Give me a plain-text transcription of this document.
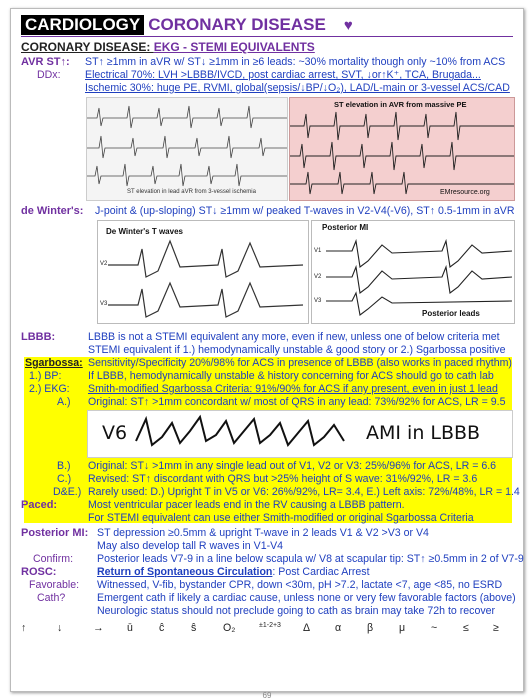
CARDIOLOGY CORONARY DISEASE ♥
CORONARY DISEASE: EKG - STEMI EQUIVALENTS
AVR ST↑: ST↑ ≥1mm in aVR w/ ST↓ ≥1mm in ≥6 leads: ~30% mortality though only ~10% from ACS
DDx: Electrical 70%: LVH >LBBB/IVCD, post cardiac arrest, SVT, ↓or↑K⁺, TCA, Brugada...
Ischemic 30%: huge PE, RVMI, global(sepsis/↓BP/↓O₂), LAD/L-main or 3-vessel ACS/CAD
ST elevation in lead aVR from 3-vessel ischemia
ST elevation in AVR from massive PE
EMresource.org
de Winter's: J-point & (up-sloping) ST↓ ≥1mm w/ peaked T-waves in V2-V4(-V6), ST↑ 0.5-1mm in aVR
De Winter's T waves
V2
V3
Posterior MI
V1
V2
V3
Posterior leads
LBBB:	LBBB is not a STEMI equivalent any more, even if new, unless one of below criteria met
STEMI equivalent if 1.) hemodynamically unstable & good story or 2.) Sgarbossa positive
Sgarbossa: Sensitivity/Specificity 20%/98% for ACS in presence of LBBB (also works in paced rhythm)
1.) BP:	If LBBB, hemodynamically unstable & history concerning for ACS should go to cath lab
2.) EKG: Smith-modified Sgarbossa Criteria: 91%/90% for ACS if any present, even in just 1 lead
A.) Original: ST↑ >1mm concordant w/ most of QRS in any lead: 73%/92% for ACS, LR = 9.5
V6	AMI in LBBB
B.) Original: ST↓ >1mm in any single lead out of V1, V2 or V3: 25%/96% for ACS, LR = 6.6
C.) Revised: ST↑ discordant with QRS but >25% height of S wave: 31%/92%, LR = 3.6
D&E.) Rarely used: D.) Upright T in V5 or V6: 26%/92%, LR= 3.4, E.) Left axis: 72%/48%, LR = 1.4
Paced:	Most ventricular pacer leads end in the RV causing a LBBB pattern.
For STEMI equivalent can use either Smith-modified or original Sgarbossa Criteria
Posterior MI: ST depression ≥0.5mm & upright T-wave in 2 leads V1 & V2 >V3 or V4
May also develop tall R waves in V1-V4
Confirm: Posterior leads V7-9 in a line below scapula w/ V8 at scapular tip: ST↑ ≥0.5mm in 2 of V7-9
ROSC:	Return of Spontaneous Circulation: Post Cardiac Arrest
Favorable: Witnessed, V-fib, bystander CPR, down <30m, pH >7.2, lactate <7, age <85, no ESRD
Cath?	Emergent cath if likely a cardiac cause, unless none or very few favorable factors (above)
Neurologic status should not preclude going to cath as brain may take 72h to recover
↑	↓	→ ū ĉ	ŝ	O₂	±1-2+3 Δ α β μ ~ ≤ ≥
69
